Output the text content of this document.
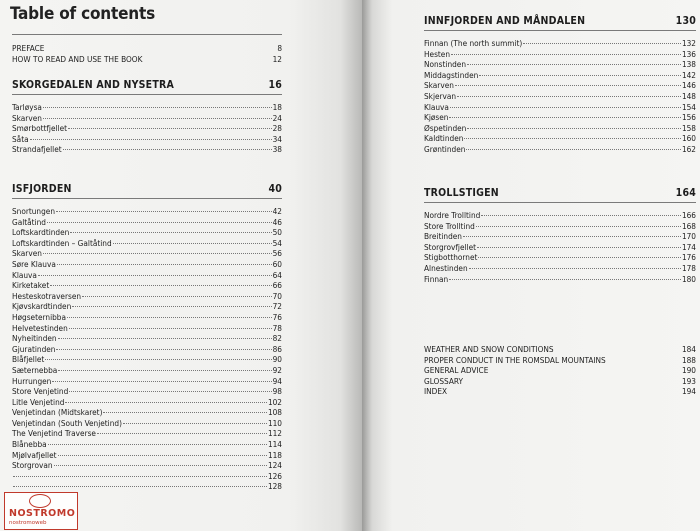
Table of contents
PREFACE	8
HOW TO READ AND USE THE BOOK	12
SKORGEDALEN AND NYSETRA	16
Tarløysa	18
Skarven	24
Smørbottfjellet	28
Såta	34
Strandafjellet	38
ISFJORDEN	40
Snortungen	42
Galtåtind	46
Loftskardtinden	50
Loftskardtinden – Galtåtind	54
Skarven	56
Søre Klauva	60
Klauva	64
Kirketaket	66
Hesteskotraversen	70
Kjøvskardtinden	72
Høgseternibba	76
Helvetestinden	78
Nyheitinden	82
Gjuratinden	86
Blåfjellet	90
Sæternebba	92
Hurrungen	94
Store Venjetind	98
Litle Venjetind	102
Venjetindan (Midtskaret)	108
Venjetindan (South Venjetind)	110
The Venjetind Traverse	112
Blånebba	114
Mjølvafjellet	118
Storgrovan	124
126
128
NOSTROMO
nostromoweb
INNFJORDEN AND MÅNDALEN	130
Finnan (The north summit)	132
Hesten	136
Nonstinden	138
Middagstinden	142
Skarven	146
Skjervan	148
Klauva	154
Kjøsen	156
Øspetinden	158
Kaldtinden	160
Grøntinden	162
TROLLSTIGEN	164
Nordre Trolltind	166
Store Trolltind	168
Breitinden	170
Storgrovfjellet	174
Stigbotthornet	176
Alnestinden	178
Finnan	180
WEATHER AND SNOW CONDITIONS	184
PROPER CONDUCT IN THE ROMSDAL MOUNTAINS	188
GENERAL ADVICE	190
GLOSSARY	193
INDEX	194
